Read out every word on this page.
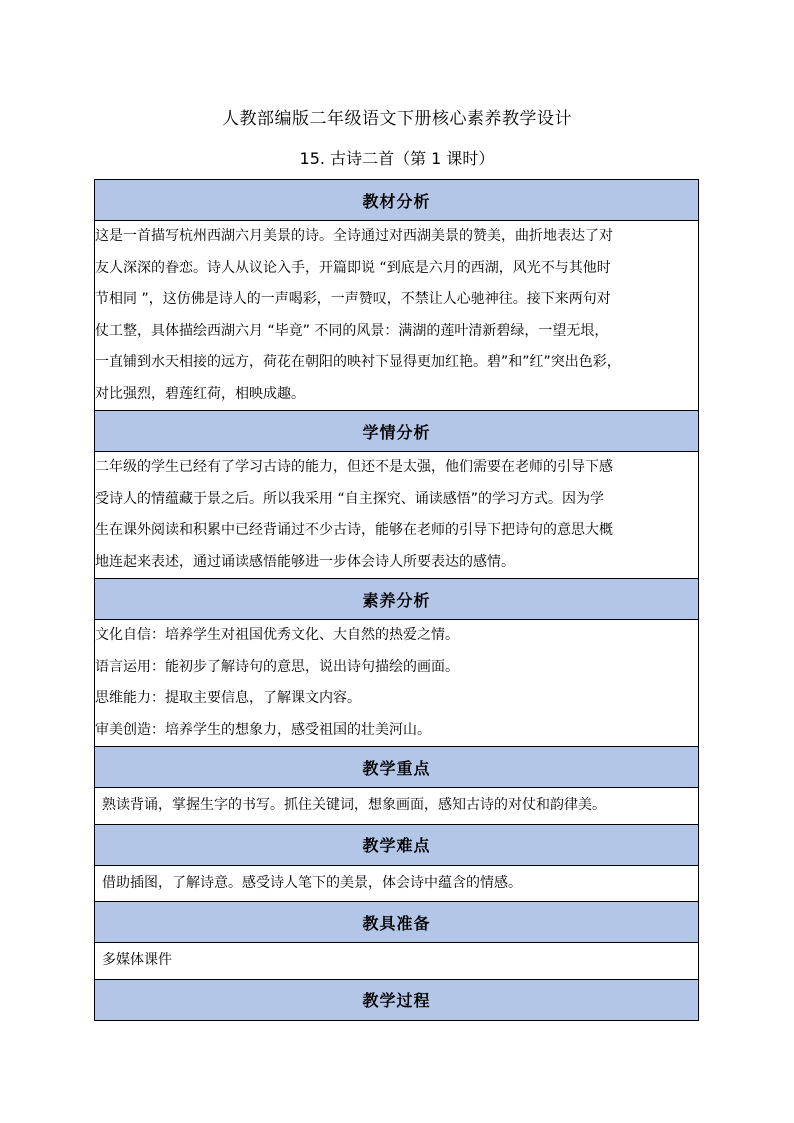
人教部编版二年级语文下册核心素养教学设计
15. 古诗二首（第 1 课时）
教材分析

这是一首描写杭州西湖六月美景的诗。全诗通过对西湖美景的赞美，曲折地表达了对
友人深深的眷恋。诗人从议论入手，开篇即说 “到底是六月的西湖，风光不与其他时
节相同 ”，这仿佛是诗人的一声喝彩，一声赞叹，不禁让人心驰神往。接下来两句对
仗工整，具体描绘西湖六月 “毕竟” 不同的风景：满湖的莲叶清新碧绿，一望无垠，
一直铺到水天相接的远方，荷花在朝阳的映衬下显得更加红艳。碧”和”红”突出色彩，
对比强烈，碧莲红荷，相映成趣。

学情分析

二年级的学生已经有了学习古诗的能力，但还不是太强，他们需要在老师的引导下感
受诗人的情蕴藏于景之后。所以我采用 “自主探究、诵读感悟”的学习方式。因为学
生在课外阅读和积累中已经背诵过不少古诗，能够在老师的引导下把诗句的意思大概
地连起来表述，通过诵读感悟能够进一步体会诗人所要表达的感情。

素养分析

文化自信：培养学生对祖国优秀文化、大自然的热爱之情。
语言运用：能初步了解诗句的意思，说出诗句描绘的画面。
思维能力：提取主要信息，了解课文内容。
审美创造：培养学生的想象力，感受祖国的壮美河山。

教学重点

熟读背诵，掌握生字的书写。抓住关键词，想象画面，感知古诗的对仗和韵律美。

教学难点

借助插图，了解诗意。感受诗人笔下的美景，体会诗中蕴含的情感。

教具准备

多媒体课件

教学过程
